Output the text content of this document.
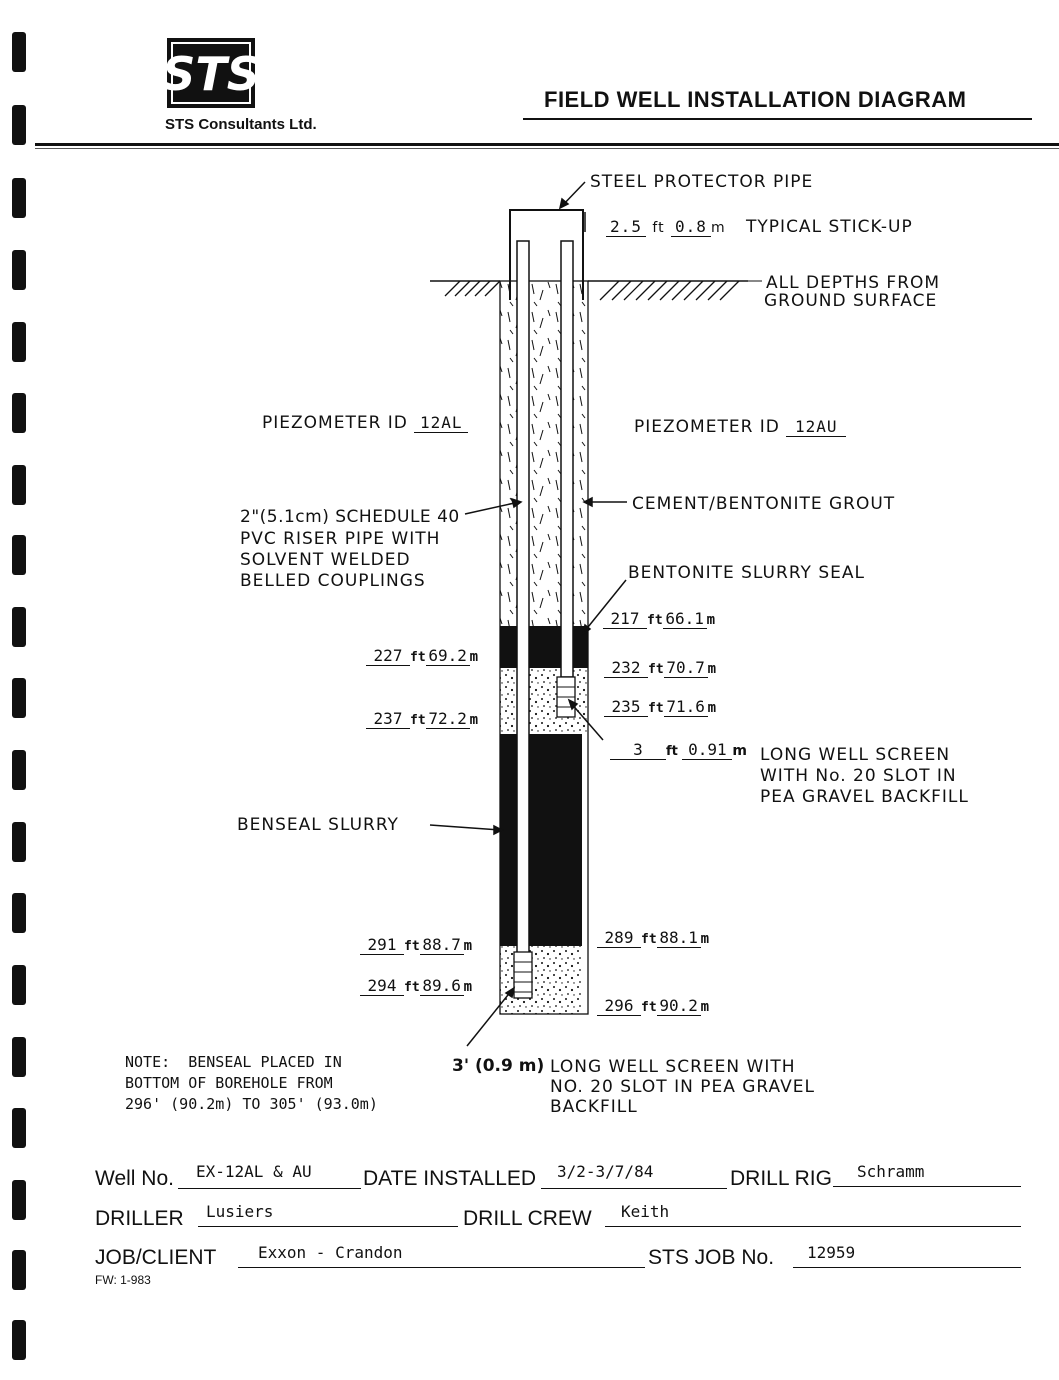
STS
STS Consultants Ltd.
FIELD WELL INSTALLATION DIAGRAM
STEEL PROTECTOR PIPE
2.5 ft 0.8 m TYPICAL STICK-UP
ALL DEPTHS FROM
GROUND SURFACE
PIEZOMETER ID 12AL	PIEZOMETER ID 12AU
2"(5.1cm) SCHEDULE 40
PVC RISER PIPE WITH
SOLVENT WELDED
BELLED COUPLINGS
CEMENT/BENTONITE GROUT
BENTONITE SLURRY SEAL
BENSEAL SLURRY
217 ft 66.1 m
232 ft 70.7 m
235 ft 71.6 m
289 ft 88.1 m
296 ft 90.2 m
227 ft 69.2 m
237 ft 72.2 m
291 ft 88.7 m
294 ft 89.6 m
3 ft 0.91 m LONG WELL SCREEN
WITH No. 20 SLOT IN
PEA GRAVEL BACKFILL
3' (0.9 m) LONG WELL SCREEN WITH
NO. 20 SLOT IN PEA GRAVEL
BACKFILL
NOTE:  BENSEAL PLACED IN
BOTTOM OF BOREHOLE FROM
296' (90.2m) TO 305' (93.0m)
Well No. EX-12AL & AU DATE INSTALLED 3/2-3/7/84	DRILL RIG Schramm
DRILLER Lusiers	DRILL CREW Keith
JOB/CLIENT	Exxon - Crandon	STS JOB No. 12959
FW: 1-983
